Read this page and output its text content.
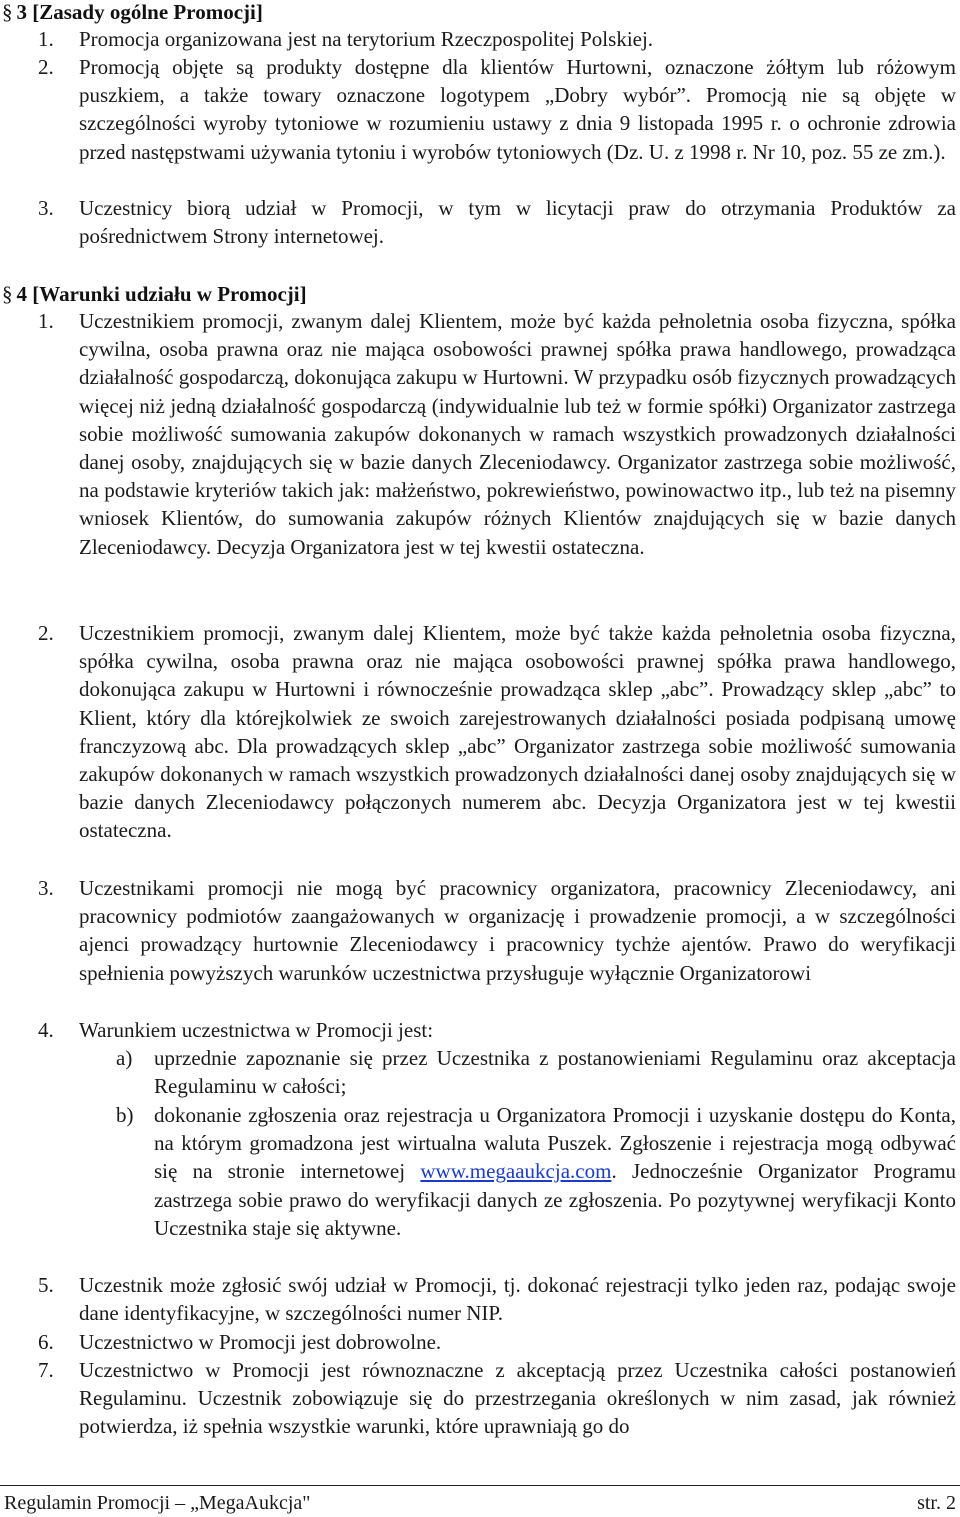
§ 3 [Zasady ogólne Promocji]
1. Promocja organizowana jest na terytorium Rzeczpospolitej Polskiej.
2. Promocją objęte są produkty dostępne dla klientów Hurtowni, oznaczone żółtym lub różowym puszkiem, a także towary oznaczone logotypem „Dobry wybór”. Promocją nie są objęte w szczególności wyroby tytoniowe w rozumieniu ustawy z dnia 9 listopada 1995 r. o ochronie zdrowia przed następstwami używania tytoniu i wyrobów tytoniowych (Dz. U. z 1998 r. Nr 10, poz. 55 ze zm.).
3. Uczestnicy biorą udział w Promocji, w tym w licytacji praw do otrzymania Produktów za pośrednictwem Strony internetowej.
§ 4 [Warunki udziału w Promocji]
1. Uczestnikiem promocji, zwanym dalej Klientem, może być każda pełnoletnia osoba fizyczna, spółka cywilna, osoba prawna oraz nie mająca osobowości prawnej spółka prawa handlowego, prowadząca działalność gospodarczą, dokonująca zakupu w Hurtowni. W przypadku osób fizycznych prowadzących więcej niż jedną działalność gospodarczą (indywidualnie lub też w formie spółki) Organizator zastrzega sobie możliwość sumowania zakupów dokonanych w ramach wszystkich prowadzonych działalności danej osoby, znajdujących się w bazie danych Zleceniodawcy. Organizator zastrzega sobie możliwość, na podstawie kryteriów takich jak: małżeństwo, pokrewieństwo, powinowactwo itp., lub też na pisemny wniosek Klientów, do sumowania zakupów różnych Klientów znajdujących się w bazie danych Zleceniodawcy. Decyzja Organizatora jest w tej kwestii ostateczna.
2. Uczestnikiem promocji, zwanym dalej Klientem, może być także każda pełnoletnia osoba fizyczna, spółka cywilna, osoba prawna oraz nie mająca osobowości prawnej spółka prawa handlowego, dokonująca zakupu w Hurtowni i równocześnie prowadząca sklep „abc”. Prowadzący sklep „abc” to Klient, który dla którejkolwiek ze swoich zarejestrowanych działalności posiada podpisaną umowę franczyzową abc. Dla prowadzących sklep „abc” Organizator zastrzega sobie możliwość sumowania zakupów dokonanych w ramach wszystkich prowadzonych działalności danej osoby znajdujących się w bazie danych Zleceniodawcy połączonych numerem abc. Decyzja Organizatora jest w tej kwestii ostateczna.
3. Uczestnikami promocji nie mogą być pracownicy organizatora, pracownicy Zleceniodawcy, ani pracownicy podmiotów zaangażowanych w organizację i prowadzenie promocji, a w szczególności ajenci prowadzący hurtownie Zleceniodawcy i pracownicy tychże ajentów. Prawo do weryfikacji spełnienia powyższych warunków uczestnictwa przysługuje wyłącznie Organizatorowi
4. Warunkiem uczestnictwa w Promocji jest:
a) uprzednie zapoznanie się przez Uczestnika z postanowieniami Regulaminu oraz akceptacja Regulaminu w całości;
b) dokonanie zgłoszenia oraz rejestracja u Organizatora Promocji i uzyskanie dostępu do Konta, na którym gromadzona jest wirtualna waluta Puszek. Zgłoszenie i rejestracja mogą odbywać się na stronie internetowej www.megaaukcja.com. Jednocześnie Organizator Programu zastrzega sobie prawo do weryfikacji danych ze zgłoszenia. Po pozytywnej weryfikacji Konto Uczestnika staje się aktywne.
5. Uczestnik może zgłosić swój udział w Promocji, tj. dokonać rejestracji tylko jeden raz, podając swoje dane identyfikacyjne, w szczególności numer NIP.
6. Uczestnictwo w Promocji jest dobrowolne.
7. Uczestnictwo w Promocji jest równoznaczne z akceptacją przez Uczestnika całości postanowień Regulaminu. Uczestnik zobowiązuje się do przestrzegania określonych w nim zasad, jak również potwierdza, iż spełnia wszystkie warunki, które uprawniają go do
Regulamin Promocji – „MegaAukcja"	str. 2
